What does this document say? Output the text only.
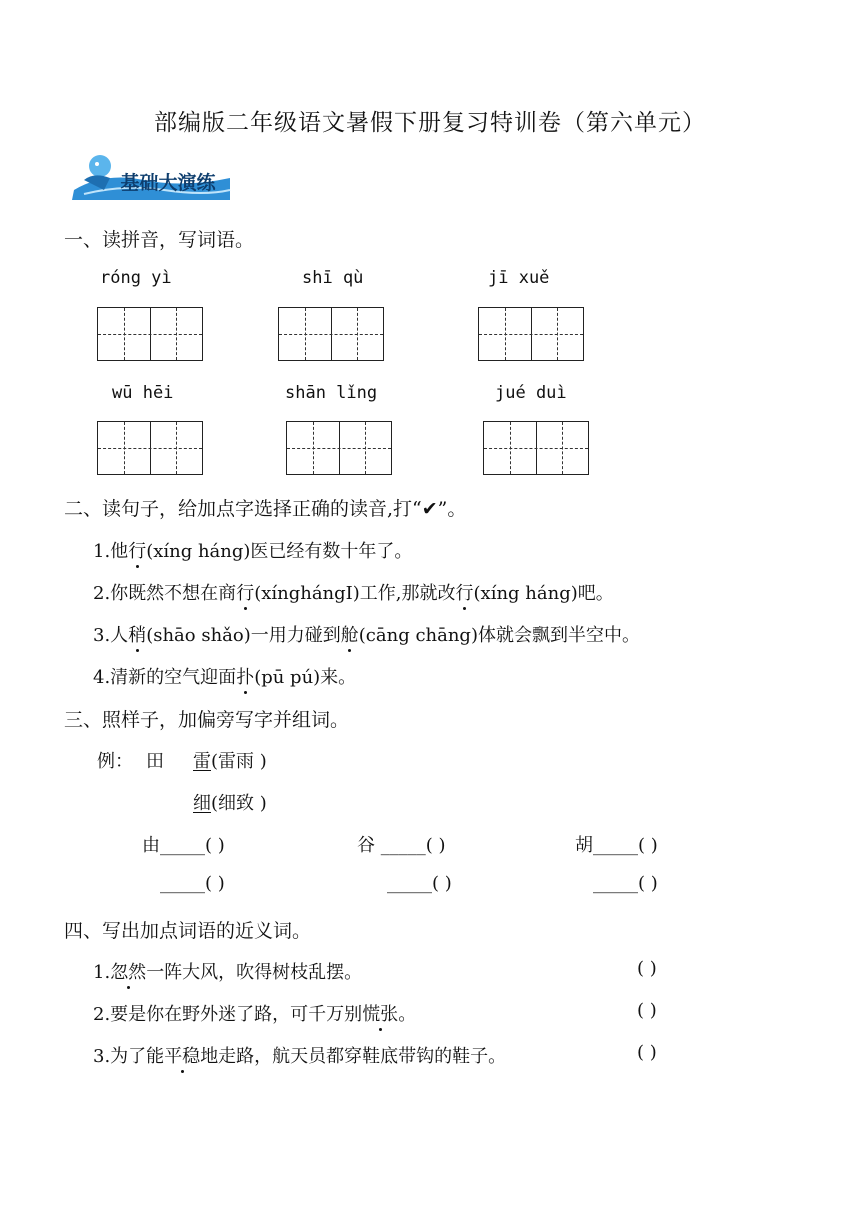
部编版二年级语文暑假下册复习特训卷（第六单元）
基础大演练
一、读拼音，写词语。
róng yì	shī qù	jī xuě
wū hēi	shān lǐng	jué duì
二、读句子，给加点字选择正确的读音,打“✔”。
1.他行(xíng háng)医已经有数十年了。
2.你既然不想在商行(xínghángI)工作,那就改行(xíng háng)吧。
3.人稍(shāo shǎo)一用力碰到舱(cāng chāng)体就会飘到半空中。
4.清新的空气迎面扑(pū pú)来。
三、照样子，加偏旁写字并组词。
例： 田 雷(雷雨 )
细(细致 )
由_____( )	谷 _____( )	胡_____( )
_____( )	_____( )	_____( )
四、写出加点词语的近义词。
1.忽然一阵大风，吹得树枝乱摆。	( )
2.要是你在野外迷了路，可千万别慌张。	( )
3.为了能平稳地走路，航天员都穿鞋底带钩的鞋子。	( )
